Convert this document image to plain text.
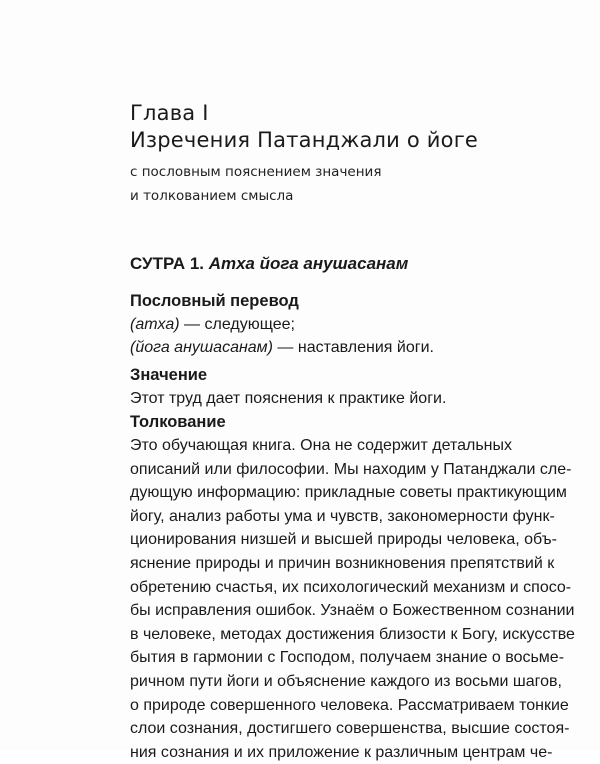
Глава I
Изречения Патанджали о йоге
с пословным пояснением значения
и толкованием смысла
СУТРА 1. Атха йога анушасанам
Пословный перевод
(атха) — следующее;
(йога анушасанам) — наставления йоги.
Значение
Этот труд дает пояснения к практике йоги.
Толкование
Это обучающая книга. Она не содержит детальных
описаний или философии. Мы находим у Патанджали сле-
дующую информацию: прикладные советы практикующим
йогу, анализ работы ума и чувств, закономерности функ-
ционирования низшей и высшей природы человека, объ-
яснение природы и причин возникновения препятствий к
обретению счастья, их психологический механизм и спосо-
бы исправления ошибок. Узнаём о Божественном сознании
в человеке, методах достижения близости к Богу, искусстве
бытия в гармонии с Господом, получаем знание о восьме-
ричном пути йоги и объяснение каждого из восьми шагов,
о природе совершенного человека. Рассматриваем тонкие
слои сознания, достигшего совершенства, высшие состоя-
ния сознания и их приложение к различным центрам че-
